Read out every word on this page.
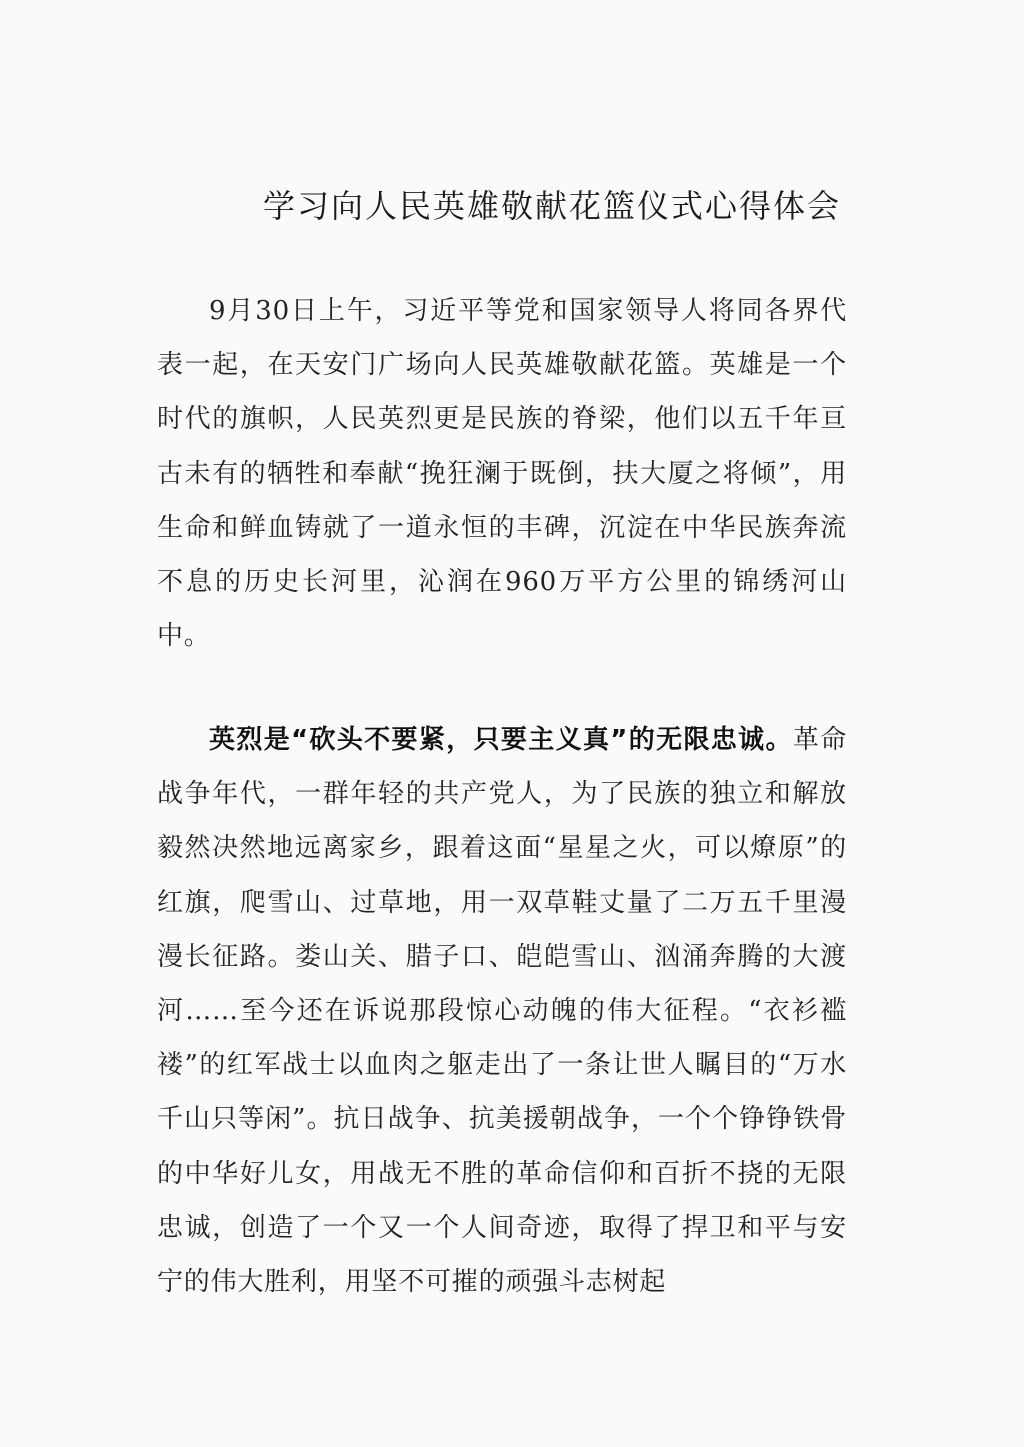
学习向人民英雄敬献花篮仪式心得体会

9月30日上午，习近平等党和国家领导人将同各界代表一起，在天安门广场向人民英雄敬献花篮。英雄是一个时代的旗帜，人民英烈更是民族的脊梁，他们以五千年亘古未有的牺牲和奉献“挽狂澜于既倒，扶大厦之将倾”，用生命和鲜血铸就了一道永恒的丰碑，沉淀在中华民族奔流不息的历史长河里，沁润在960万平方公里的锦绣河山中。

英烈是“砍头不要紧，只要主义真”的无限忠诚。革命战争年代，一群年轻的共产党人，为了民族的独立和解放毅然决然地远离家乡，跟着这面“星星之火，可以燎原”的红旗，爬雪山、过草地，用一双草鞋丈量了二万五千里漫漫长征路。娄山关、腊子口、皑皑雪山、汹涌奔腾的大渡河……至今还在诉说那段惊心动魄的伟大征程。“衣衫褴褛”的红军战士以血肉之躯走出了一条让世人瞩目的“万水千山只等闲”。抗日战争、抗美援朝战争，一个个铮铮铁骨的中华好儿女，用战无不胜的革命信仰和百折不挠的无限忠诚，创造了一个又一个人间奇迹，取得了捍卫和平与安宁的伟大胜利，用坚不可摧的顽强斗志树起
